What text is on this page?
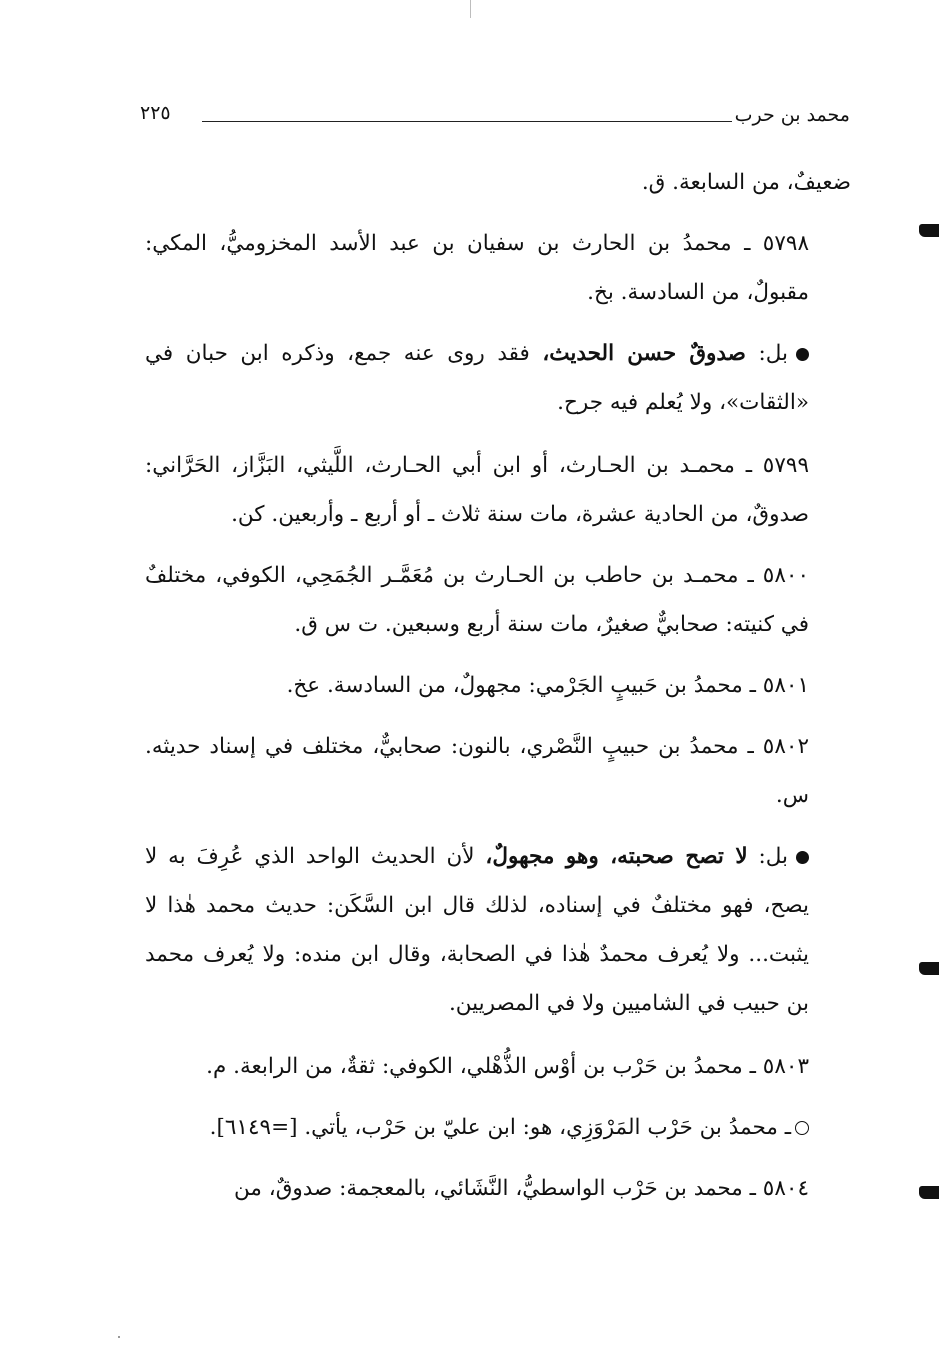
محمد بن حرب
٢٢٥

ضعيفٌ، من السابعة. ق.

٥٧٩٨ ـ محمدُ بن الحارث بن سفيان بن عبد الأسد المخزوميُّ، المكي: مقبولٌ، من السادسة. بخ.

بل: صدوقٌ حسن الحديث، فقد روى عنه جمع، وذكره ابن حبان في «الثقات»، ولا يُعلم فيه جرح.

٥٧٩٩ ـ محمـد بن الحـارث، أو ابن أبي الحـارث، اللَّيثي، البَزَّاز، الحَرَّاني: صدوقٌ، من الحادية عشرة، مات سنة ثلاث ـ أو أربع ـ وأربعين. كن.

٥٨٠٠ ـ محمـد بن حاطب بن الحـارث بن مُعَمَّـر الجُمَحِي، الكوفي، مختلفٌ في كنيته: صحابيٌّ صغيرٌ، مات سنة أربع وسبعين. ت س ق.

٥٨٠١ ـ محمدُ بن حَبيبٍ الجَرْمي: مجهولٌ، من السادسة. عخ.

٥٨٠٢ ـ محمدُ بن حبيبٍ النَّصْري، بالنون: صحابيٌّ، مختلف في إسناد حديثه. س.

بل: لا تصح صحبته، وهو مجهولٌ، لأن الحديث الواحد الذي عُرِفَ به لا يصح، فهو مختلفٌ في إسناده، لذلك قال ابن السَّكَن: حديث محمد هٰذا لا يثبت... ولا يُعرف محمدٌ هٰذا في الصحابة، وقال ابن منده: ولا يُعرف محمد بن حبيب في الشاميين ولا في المصريين.

٥٨٠٣ ـ محمدُ بن حَرْب بن أوْس الذُّهْلي، الكوفي: ثقةٌ، من الرابعة. م.

ـ محمدُ بن حَرْب المَرْوَزِي، هو: ابن عليّ بن حَرْب، يأتي. [=٦١٤٩].

٥٨٠٤ ـ محمد بن حَرْب الواسطيُّ، النَّشَائي، بالمعجمة: صدوقٌ، من
